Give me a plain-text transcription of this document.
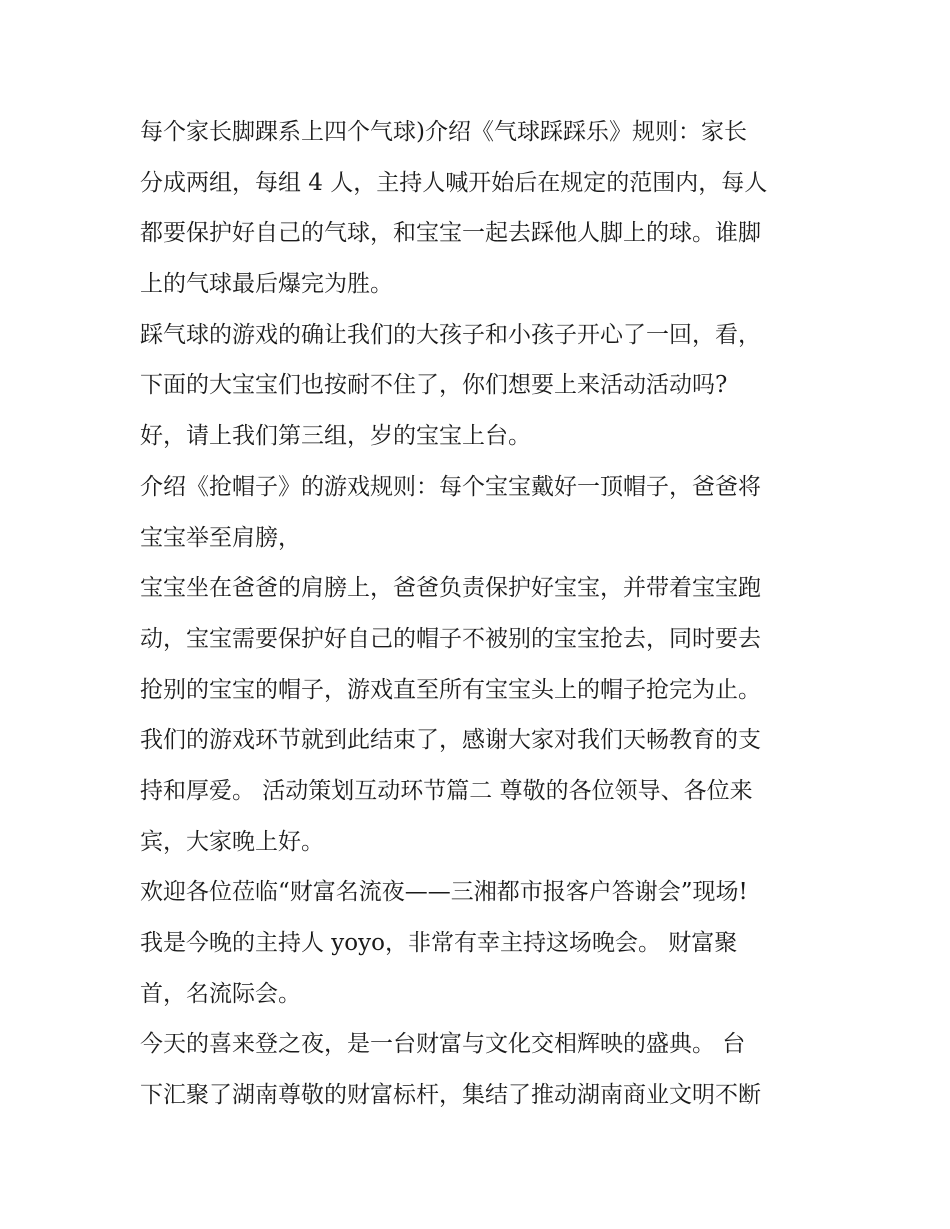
每个家长脚踝系上四个气球)介绍《气球踩踩乐》规则：家长
分成两组，每组 4 人，主持人喊开始后在规定的范围内，每人
都要保护好自己的气球，和宝宝一起去踩他人脚上的球。谁脚
上的气球最后爆完为胜。
踩气球的游戏的确让我们的大孩子和小孩子开心了一回，看，
下面的大宝宝们也按耐不住了，你们想要上来活动活动吗?
好，请上我们第三组，岁的宝宝上台。
介绍《抢帽子》的游戏规则：每个宝宝戴好一顶帽子，爸爸将
宝宝举至肩膀，
宝宝坐在爸爸的肩膀上，爸爸负责保护好宝宝，并带着宝宝跑
动，宝宝需要保护好自己的帽子不被别的宝宝抢去，同时要去
抢别的宝宝的帽子，游戏直至所有宝宝头上的帽子抢完为止。
我们的游戏环节就到此结束了，感谢大家对我们天畅教育的支
持和厚爱。 活动策划互动环节篇二 尊敬的各位领导、各位来
宾，大家晚上好。
欢迎各位莅临“财富名流夜——三湘都市报客户答谢会”现场!
我是今晚的主持人 yoyo，非常有幸主持这场晚会。 财富聚
首，名流际会。
今天的喜来登之夜，是一台财富与文化交相辉映的盛典。 台
下汇聚了湖南尊敬的财富标杆，集结了推动湖南商业文明不断
